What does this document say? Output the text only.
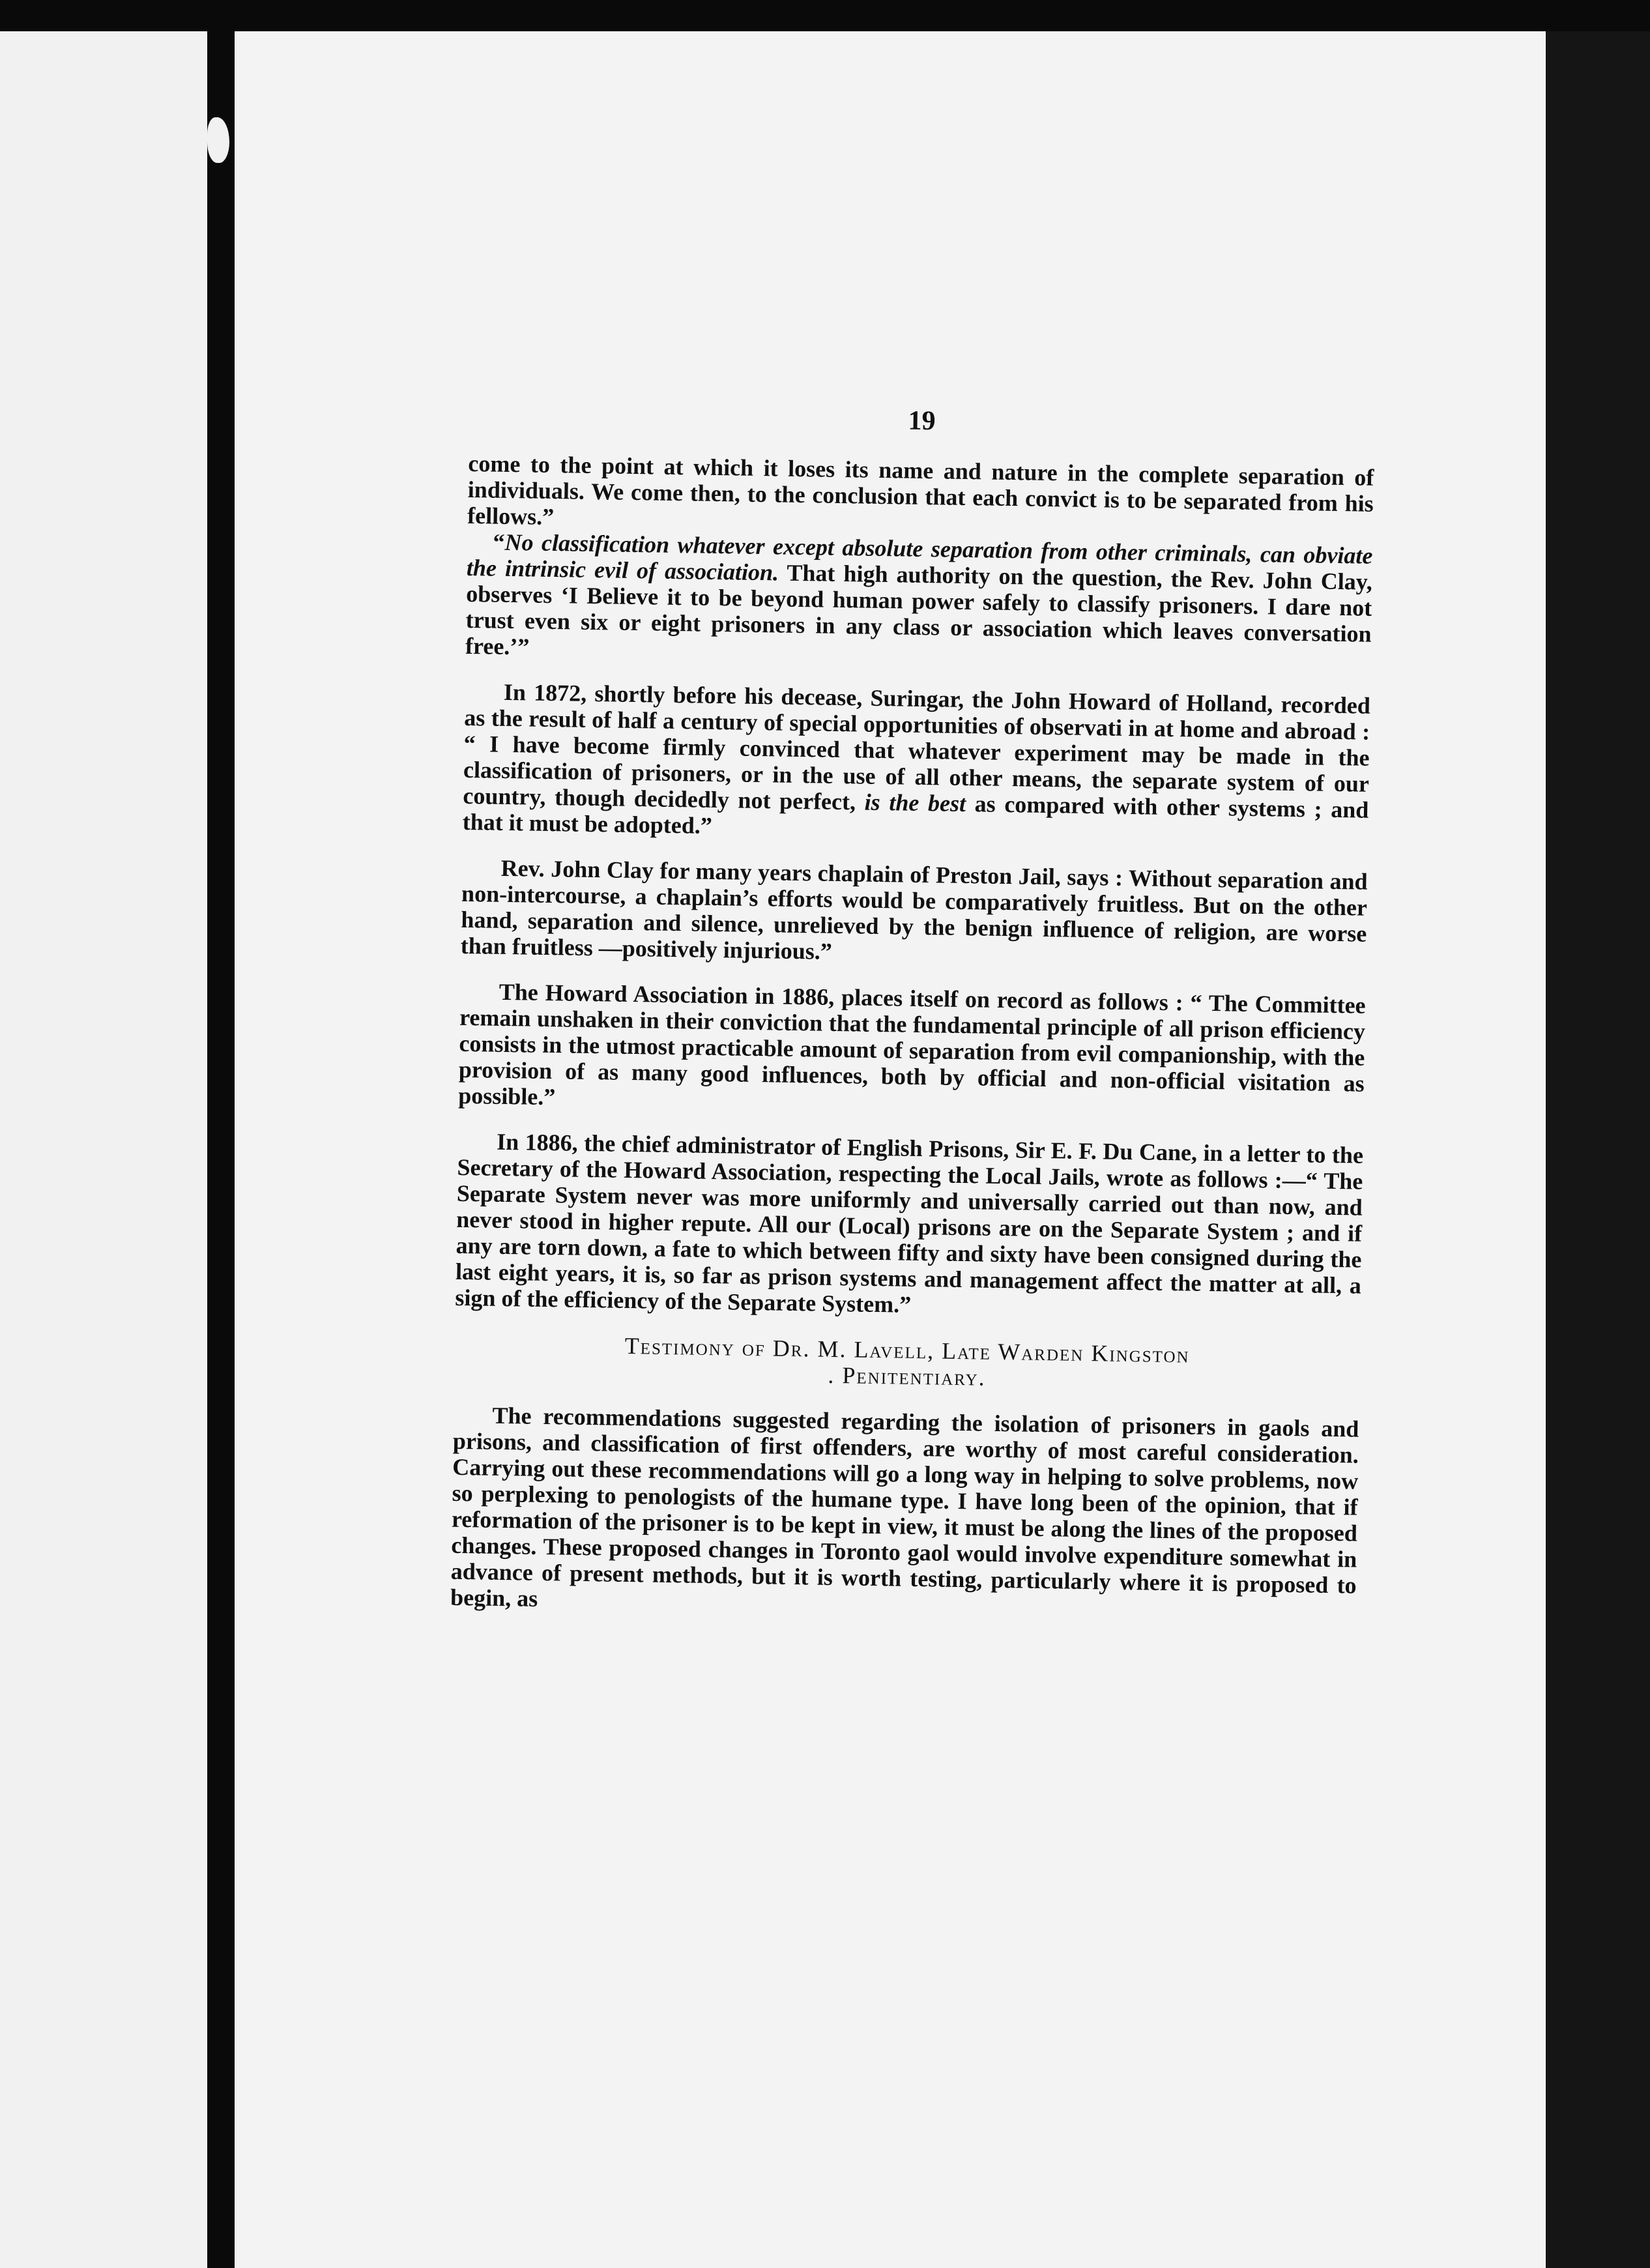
19

come to the point at which it loses its name and nature in the complete separation of individuals. We come then, to the conclusion that each convict is to be separated from his fellows.”

“No classification whatever except absolute separation from other criminals, can obviate the intrinsic evil of association. That high authority on the question, the Rev. John Clay, observes ‘I Believe it to be beyond human power safely to classify prisoners. I dare not trust even six or eight prisoners in any class or association which leaves conversation free.’”

In 1872, shortly before his decease, Suringar, the John Howard of Holland, recorded as the result of half a century of special opportunities of observati in at home and abroad : “ I have become firmly convinced that whatever experiment may be made in the classification of prisoners, or in the use of all other means, the separate system of our country, though decidedly not perfect, is the best as compared with other systems ; and that it must be adopted.”

Rev. John Clay for many years chaplain of Preston Jail, says : Without separation and non-intercourse, a chaplain’s efforts would be comparatively fruitless. But on the other hand, separation and silence, unrelieved by the benign influence of religion, are worse than fruitless —positively injurious.”

The Howard Association in 1886, places itself on record as follows : “ The Committee remain unshaken in their conviction that the fundamental principle of all prison efficiency consists in the utmost practicable amount of separation from evil companionship, with the provision of as many good influences, both by official and non-official visitation as possible.”

In 1886, the chief administrator of English Prisons, Sir E. F. Du Cane, in a letter to the Secretary of the Howard Association, respecting the Local Jails, wrote as follows :—“ The Separate System never was more uniformly and universally carried out than now, and never stood in higher repute. All our (Local) prisons are on the Separate System ; and if any are torn down, a fate to which between fifty and sixty have been consigned during the last eight years, it is, so far as prison systems and management affect the matter at all, a sign of the efficiency of the Separate System.”

Testimony of Dr. M. Lavell, Late Warden Kingston
. Penitentiary.

The recommendations suggested regarding the isolation of prisoners in gaols and prisons, and classification of first offenders, are worthy of most careful consideration. Carrying out these recommendations will go a long way in helping to solve problems, now so perplexing to penologists of the humane type. I have long been of the opinion, that if reformation of the prisoner is to be kept in view, it must be along the lines of the proposed changes. These proposed changes in Toronto gaol would involve expenditure somewhat in advance of present methods, but it is worth testing, particularly where it is proposed to begin, as
